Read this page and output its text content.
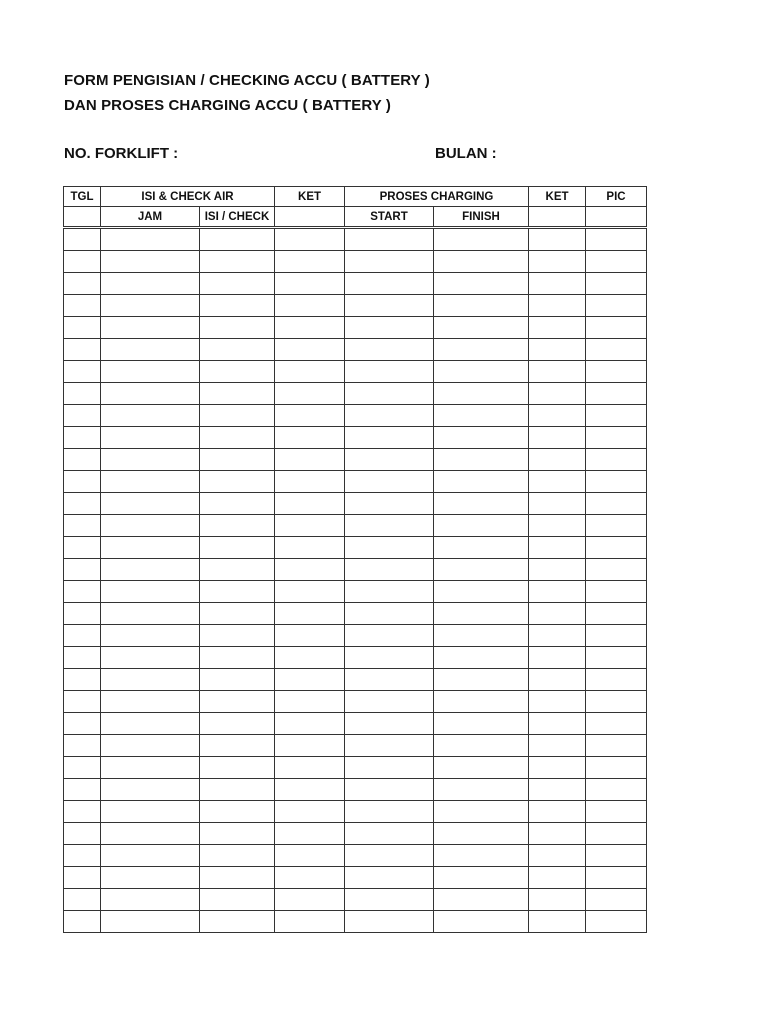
FORM PENGISIAN / CHECKING ACCU ( BATTERY )
DAN PROSES CHARGING ACCU ( BATTERY )
NO. FORKLIFT :	BULAN :
TGL	ISI & CHECK AIR		KET	PROSES CHARGING		KET	PIC
	JAM	ISI / CHECK		START	FINISH		
